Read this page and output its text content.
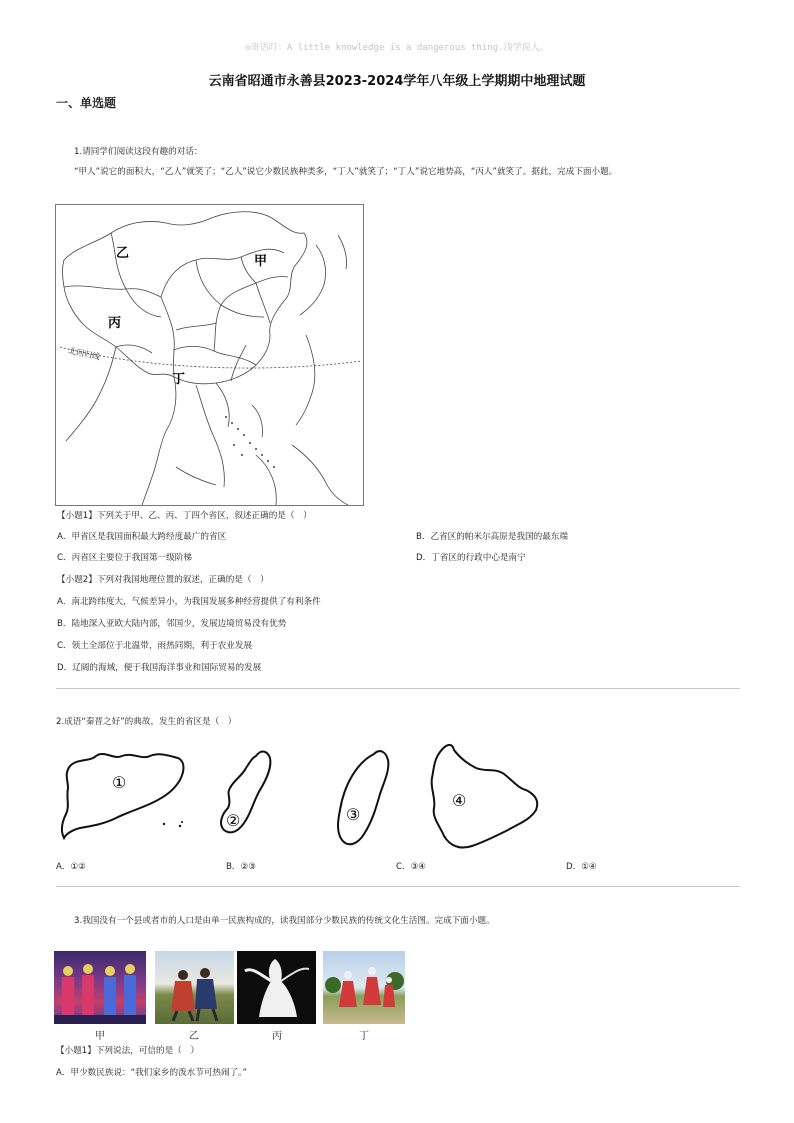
◎寄语叮：A little knowledge is a dangerous thing.浅学误人。
云南省昭通市永善县2023-2024学年八年级上学期期中地理试题
一、单选题
1.请同学们阅读这段有趣的对话：
“甲人”说它的面积大，“乙人”就笑了；“乙人”说它少数民族种类多，“丁人”就笑了；“丁人”说它地势高，“丙人”就笑了。据此，完成下面小题。
北回归线
乙
甲
丙
丁
【小题1】下列关于甲、乙、丙、丁四个省区，叙述正确的是（　）
A．甲省区是我国面积最大跨经度最广的省区	B．乙省区的帕米尔高原是我国的最东端
C．丙省区主要位于我国第一级阶梯	D．丁省区的行政中心是南宁
【小题2】下列对我国地理位置的叙述，正确的是（　）
A．南北跨纬度大，气候差异小，为我国发展多种经营提供了有利条件
B．陆地深入亚欧大陆内部，邻国少，发展边境贸易没有优势
C．领土全部位于北温带，雨热同期，利于农业发展
D．辽阔的海域，便于我国海洋事业和国际贸易的发展
2.成语“秦晋之好”的典故，发生的省区是（　）
①
②	③
④
A．①②	B．②③	C．③④	D．①④
3.我国没有一个县或者市的人口是由单一民族构成的，读我国部分少数民族的传统文化生活图。完成下面小题。
甲	乙	丙	丁
【小题1】下列说法，可信的是（　）
A．甲少数民族说：“我们家乡的泼水节可热闹了。”
